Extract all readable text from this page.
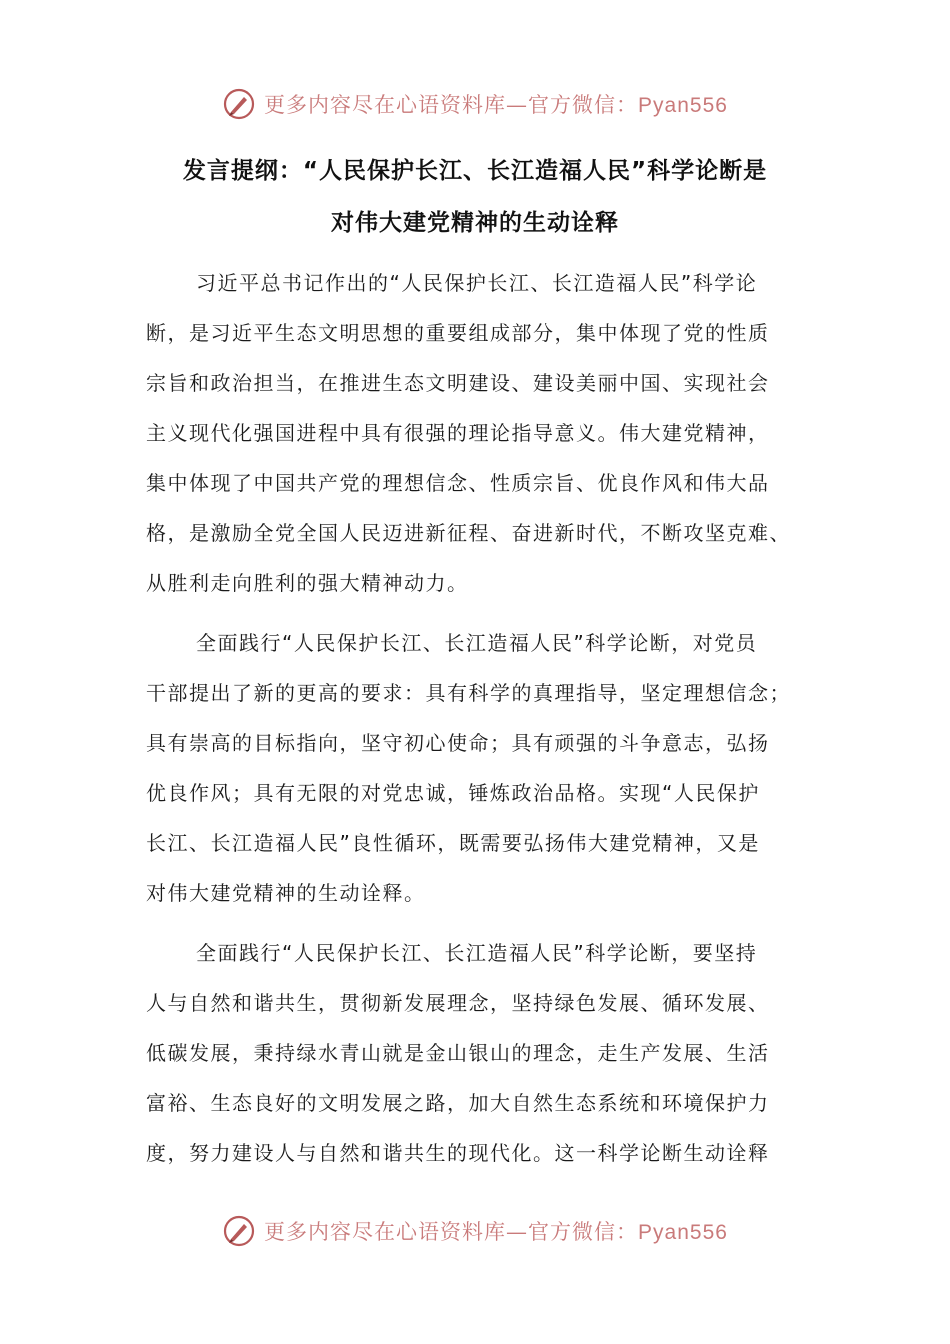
更多内容尽在心语资料库—官方微信：Pyan556
发言提纲：“人民保护长江、长江造福人民”科学论断是
对伟大建党精神的生动诠释
习近平总书记作出的“人民保护长江、长江造福人民”科学论
断，是习近平生态文明思想的重要组成部分，集中体现了党的性质
宗旨和政治担当，在推进生态文明建设、建设美丽中国、实现社会
主义现代化强国进程中具有很强的理论指导意义。伟大建党精神，
集中体现了中国共产党的理想信念、性质宗旨、优良作风和伟大品
格，是激励全党全国人民迈进新征程、奋进新时代，不断攻坚克难、
从胜利走向胜利的强大精神动力。
全面践行“人民保护长江、长江造福人民”科学论断，对党员
干部提出了新的更高的要求：具有科学的真理指导，坚定理想信念；
具有崇高的目标指向，坚守初心使命；具有顽强的斗争意志，弘扬
优良作风；具有无限的对党忠诚，锤炼政治品格。实现“人民保护
长江、长江造福人民”良性循环，既需要弘扬伟大建党精神，又是
对伟大建党精神的生动诠释。
全面践行“人民保护长江、长江造福人民”科学论断，要坚持
人与自然和谐共生，贯彻新发展理念，坚持绿色发展、循环发展、
低碳发展，秉持绿水青山就是金山银山的理念，走生产发展、生活
富裕、生态良好的文明发展之路，加大自然生态系统和环境保护力
度，努力建设人与自然和谐共生的现代化。这一科学论断生动诠释
更多内容尽在心语资料库—官方微信：Pyan556
